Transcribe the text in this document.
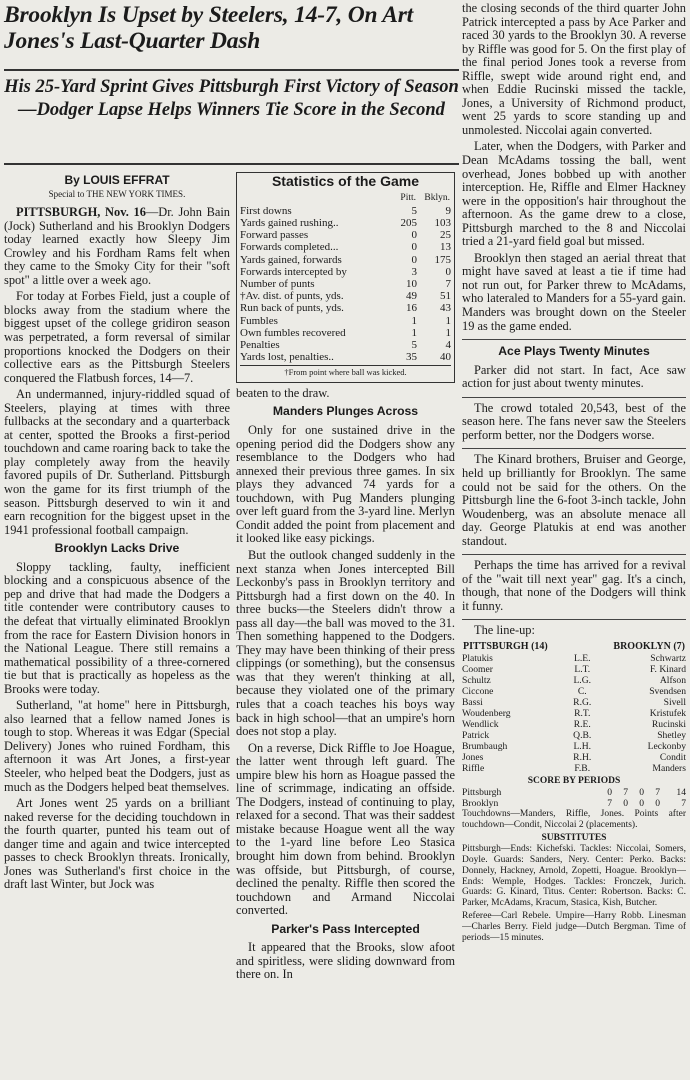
Brooklyn Is Upset by Steelers, 14-7, On Art Jones's Last-Quarter Dash
His 25-Yard Sprint Gives Pittsburgh First Victory of Season—Dodger Lapse Helps Winners Tie Score in the Second
By LOUIS EFFRAT
Special to THE NEW YORK TIMES.

PITTSBURGH, Nov. 16—Dr. John Bain (Jock) Sutherland and his Brooklyn Dodgers today learned exactly how Sleepy Jim Crowley and his Fordham Rams felt when they came to the Smoky City for their "soft spot" a little over a week ago.

For today at Forbes Field, just a couple of blocks away from the stadium where the biggest upset of the college gridiron season was perpetrated, a form reversal of similar proportions knocked the Dodgers on their collective ears as the Pittsburgh Steelers conquered the Flatbush forces, 14—7.

An undermanned, injury-riddled squad of Steelers, playing at times with three fullbacks at the secondary and a quarterback at center, spotted the Brooks a first-period touchdown and came roaring back to take the play completely away from the heavily favored pupils of Dr. Sutherland. Pittsburgh won the game for its first triumph of the season. Pittsburgh deserved to win it and earn recognition for the biggest upset in the 1941 professional football campaign.

Brooklyn Lacks Drive

Sloppy tackling, faulty, inefficient blocking and a conspicuous absence of the pep and drive that had made the Dodgers a title contender were contributory causes to the defeat that virtually eliminated Brooklyn from the race for Eastern Division honors in the National League. There still remains a mathematical possibility of a three-cornered tie but that is practically as hopeless as the Brooks were today.

Sutherland, "at home" here in Pittsburgh, also learned that a fellow named Jones is tough to stop. Whereas it was Edgar (Special Delivery) Jones who ruined Fordham, this afternoon it was Art Jones, a first-year Steeler, who helped beat the Dodgers, just as much as the Dodgers helped beat themselves.

Art Jones went 25 yards on a brilliant naked reverse for the deciding touchdown in the fourth quarter, punted his team out of danger time and again and twice intercepted passes to check Brooklyn threats. Ironically, Jones was Sutherland's first choice in the draft last Winter, but Jock was

Statistics of the Game
	Pitt.	Bklyn.
First downs	5	9
Yards gained rushing..	205	103
Forward passes	0	25
Forwards completed...	0	13
Yards gained, forwards	0	175
Forwards intercepted by	3	0
Number of punts	10	7
†Av. dist. of punts, yds.	49	51
Run back of punts, yds.	16	43
Fumbles	1	1
Own fumbles recovered	1	1
Penalties	5	4
Yards lost, penalties..	35	40
†From point where ball was kicked.

beaten to the draw.

Manders Plunges Across

Only for one sustained drive in the opening period did the Dodgers show any resemblance to the Dodgers who had annexed their previous three games. In six plays they advanced 74 yards for a touchdown, with Pug Manders plunging over left guard from the 3-yard line. Merlyn Condit added the point from placement and it looked like easy pickings.

But the outlook changed suddenly in the next stanza when Jones intercepted Bill Leckonby's pass in Brooklyn territory and Pittsburgh had a first down on the 40. In three bucks—the Steelers didn't throw a pass all day—the ball was moved to the 31. Then something happened to the Dodgers. They may have been thinking of their press clippings (or something), but the consensus was that they weren't thinking at all, because they violated one of the primary rules that a coach teaches his boys way back in high school—that an umpire's horn does not stop a play.

On a reverse, Dick Riffle to Joe Hoague, the latter went through left guard. The umpire blew his horn as Hoague passed the line of scrimmage, indicating an offside. The Dodgers, instead of continuing to play, relaxed for a second. That was their saddest mistake because Hoague went all the way to the 1-yard line before Leo Stasica brought him down from behind. Brooklyn was offside, but Pittsburgh, of course, declined the penalty. Riffle then scored the touchdown and Armand Niccolai converted.

Parker's Pass Intercepted

It appeared that the Brooks, slow afoot and spiritless, were sliding downward from there on. In

the closing seconds of the third quarter John Patrick intercepted a pass by Ace Parker and raced 30 yards to the Brooklyn 30. A reverse by Riffle was good for 5. On the first play of the final period Jones took a reverse from Riffle, swept wide around right end, and when Eddie Rucinski missed the tackle, Jones, a University of Richmond product, went 25 yards to score standing up and unmolested. Niccolai again converted.

Later, when the Dodgers, with Parker and Dean McAdams tossing the ball, went overhead, Jones bobbed up with another interception. He, Riffle and Elmer Hackney were in the opposition's hair throughout the afternoon. As the game drew to a close, Pittsburgh marched to the 8 and Niccolai tried a 21-yard field goal but missed.

Brooklyn then staged an aerial threat that might have saved at least a tie if time had not run out, for Parker threw to McAdams, who lateraled to Manders for a 55-yard gain. Manders was brought down on the Steeler 19 as the game ended.

Ace Plays Twenty Minutes

Parker did not start. In fact, Ace saw action for just about twenty minutes.

The crowd totaled 20,543, best of the season here. The fans never saw the Steelers perform better, nor the Dodgers worse.

The Kinard brothers, Bruiser and George, held up brilliantly for Brooklyn. The same could not be said for the others. On the Pittsburgh line the 6-foot 3-inch tackle, John Woudenberg, was an absolute menace all day. George Platukis at end was another standout.

Perhaps the time has arrived for a revival of the "wait till next year" gag. It's a cinch, though, that none of the Dodgers will think it funny.

The line-up:

PITTSBURGH (14)		BROOKLYN (7)
Platukis	L.E.	Schwartz
Coomer	L.T.	F. Kinard
Schultz	L.G.	Alfson
Ciccone	C.	Svendsen
Bassi	R.G.	Sivell
Woudenberg	R.T.	Kristufek
Wendlick	R.E.	Rucinski
Patrick	Q.B.	Shetley
Brumbaugh	L.H.	Leckonby
Jones	R.H.	Condit
Riffle	F.B.	Manders
SCORE BY PERIODS
Pittsburgh	0	7	0	7	14
Brooklyn	7	0	0	0	7
Touchdowns—Manders, Riffle, Jones. Points after touchdown—Condit, Niccolai 2 (placements).
SUBSTITUTES
Pittsburgh—Ends: Kichefski. Tackles: Niccolai, Somers, Doyle. Guards: Sanders, Nery. Center: Perko. Backs: Donnely, Hackney, Arnold, Zopetti, Hoague. Brooklyn—Ends: Wemple, Hodges. Tackles: Fronczek, Jurich. Guards: G. Kinard, Titus. Center: Robertson. Backs: C. Parker, McAdams, Kracum, Stasica, Kish, Butcher.
Referee—Carl Rebele. Umpire—Harry Robb. Linesman—Charles Berry. Field judge—Dutch Bergman. Time of periods—15 minutes.
